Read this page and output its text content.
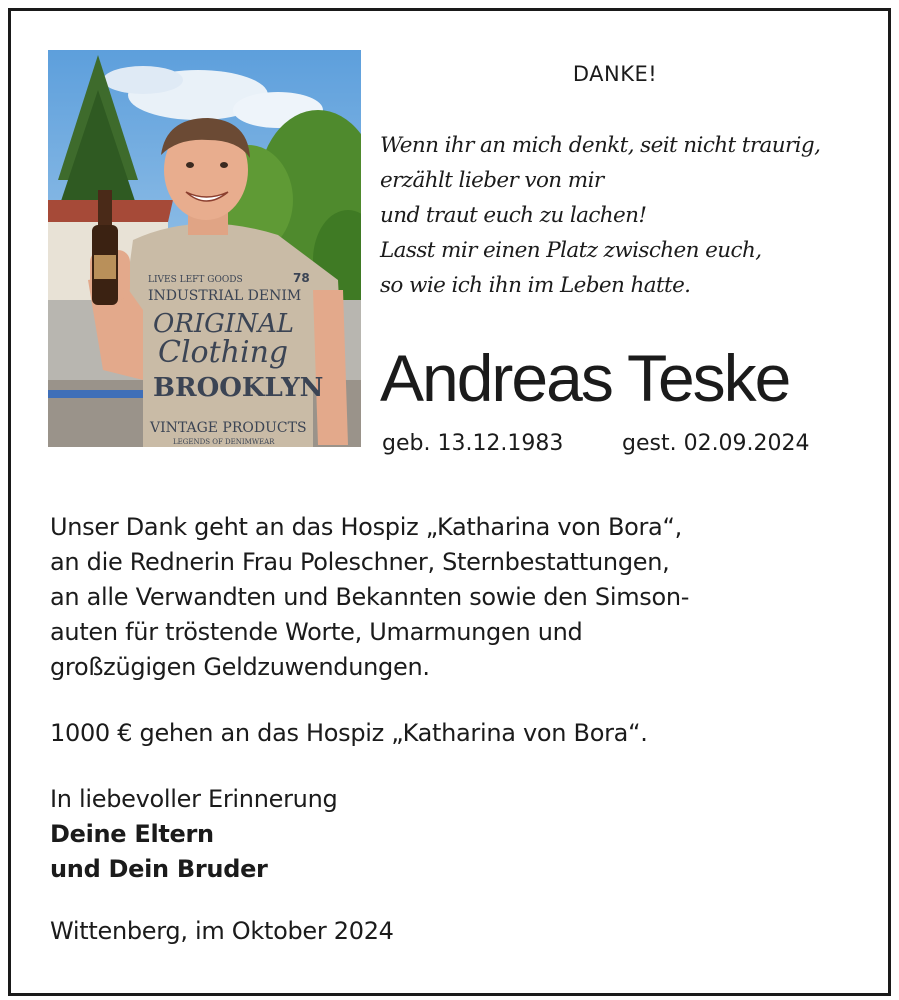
LIVES LEFT GOODS	78
INDUSTRIAL DENIM
ORIGINAL
Clothing
BROOKLYN
VINTAGE PRODUCTS
LEGENDS OF DENIMWEAR
DANKE!
Wenn ihr an mich denkt, seit nicht traurig,
erzählt lieber von mir
und traut euch zu lachen!
Lasst mir einen Platz zwischen euch,
so wie ich ihn im Leben hatte.
Andreas Teske
geb. 13.12.1983	gest. 02.09.2024
Unser Dank geht an das Hospiz „Katharina von Bora“,
an die Rednerin Frau Poleschner, Sternbestattungen,
an alle Verwandten und Bekannten sowie den Simson-
auten für tröstende Worte, Umarmungen und
großzügigen Geldzuwendungen.
1000 € gehen an das Hospiz „Katharina von Bora“.
In liebevoller Erinnerung
Deine Eltern
und Dein Bruder
Wittenberg, im Oktober 2024
